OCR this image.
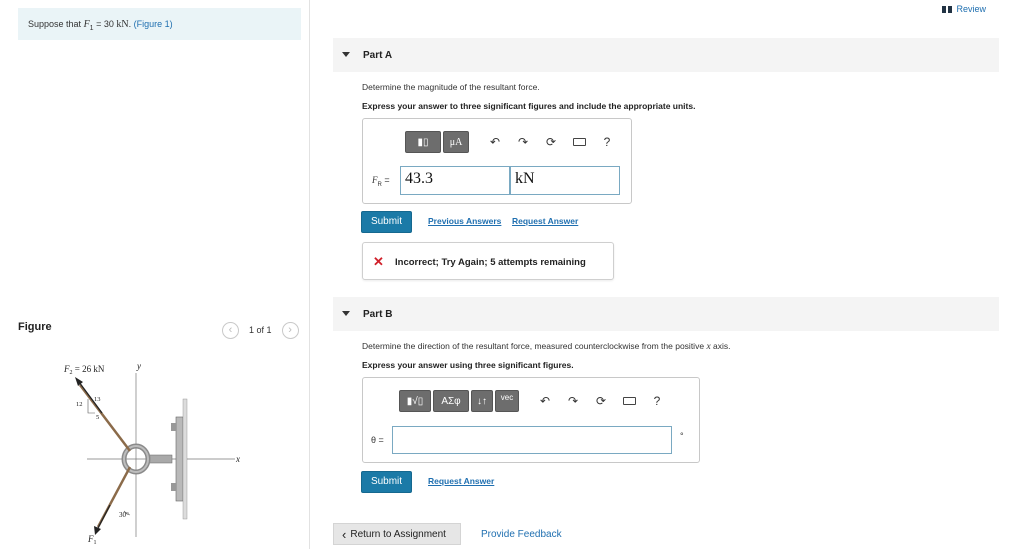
Suppose that $F_1 = 30$ kN. (Figure 1)
Figure	‹	1 of 1	›
$F_2 = 26$ kN	y
x
12
13
5
30°
$F_1$
Review
Part A
Determine the magnitude of the resultant force.
Express your answer to three significant figures and include the appropriate units.
▮▯	μA	↶	↷	⟳	?
$F_R = 43.3$	kN
Submit	Previous Answers Request Answer
✕ Incorrect; Try Again; 5 attempts remaining
Part B
Determine the direction of the resultant force, measured counterclockwise from the positive x axis.
Express your answer using three significant figures.
▮√▯	ΑΣφ	↓↑	vec	↶	↷	⟳	?
θ =	°
Submit	Request Answer
‹ Return to Assignment	Provide Feedback
